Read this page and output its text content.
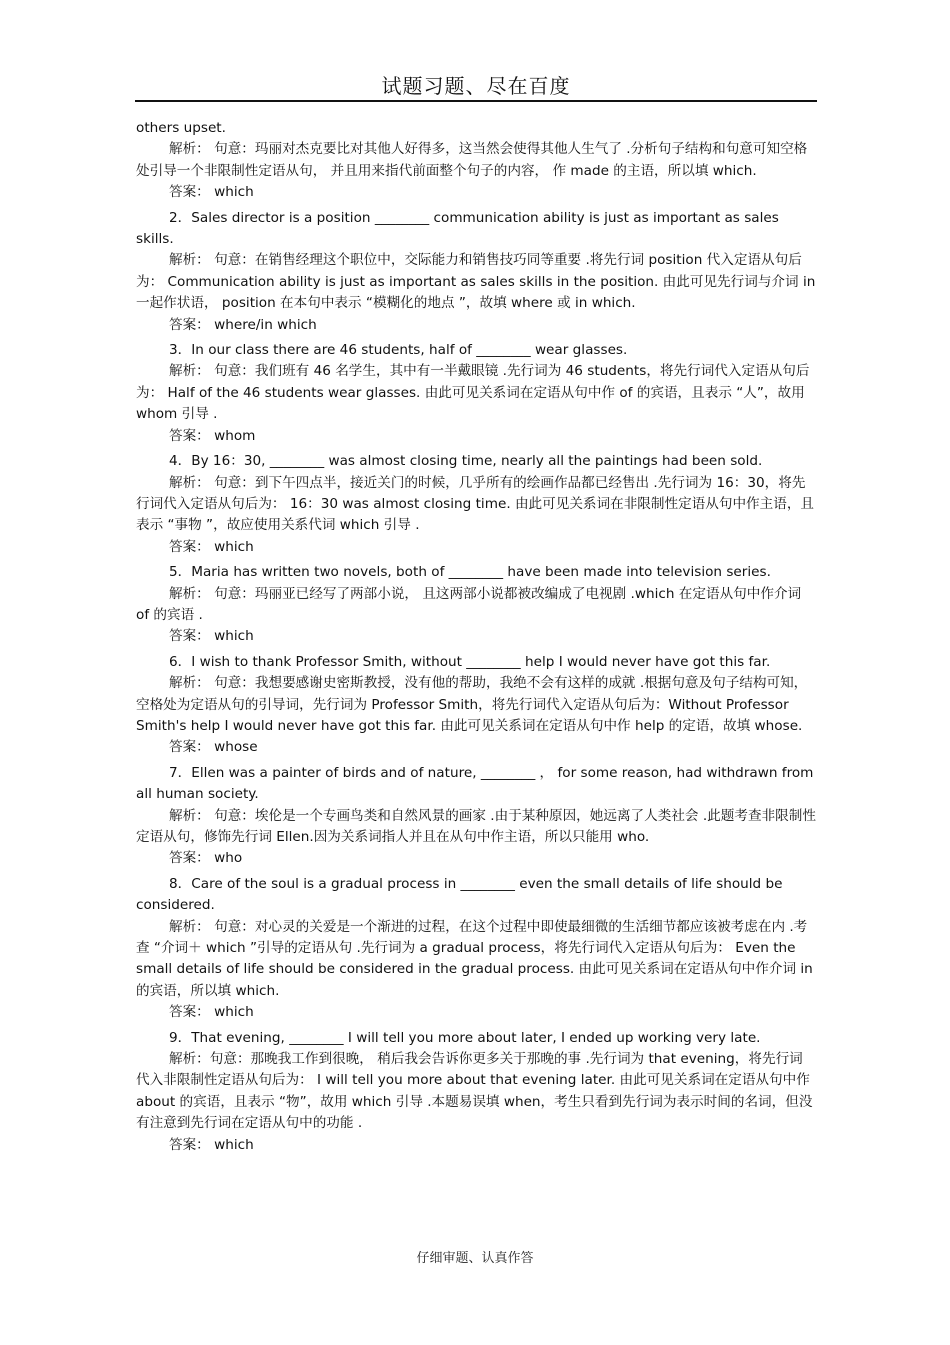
试题习题、尽在百度

others upset.

解析： 句意：玛丽对杰克要比对其他人好得多，这当然会使得其他人生气了 .分析句子结构和句意可知空格处引导一个非限制性定语从句， 并且用来指代前面整个句子的内容， 作 made 的主语，所以填 which.

答案： which

2．Sales director is a position ________ communication ability is just as important as sales skills.

解析： 句意：在销售经理这个职位中，交际能力和销售技巧同等重要 .将先行词 position 代入定语从句后为： Communication ability is just as important as sales skills in the position. 由此可见先行词与介词 in 一起作状语， position 在本句中表示 “模糊化的地点 ”，故填 where 或 in which.

答案： where/in which

3．In our class there are 46 students, half of ________ wear glasses.

解析： 句意：我们班有 46 名学生，其中有一半戴眼镜 .先行词为 46 students，将先行词代入定语从句后为： Half of the 46 students wear glasses. 由此可见关系词在定语从句中作 of 的宾语，且表示 “人”，故用 whom 引导 .

答案： whom

4．By 16：30, ________ was almost closing time, nearly all the paintings had been sold.

解析： 句意：到下午四点半，接近关门的时候，几乎所有的绘画作品都已经售出 .先行词为 16：30，将先行词代入定语从句后为： 16：30 was almost closing time. 由此可见关系词在非限制性定语从句中作主语，且表示 “事物 ”，故应使用关系代词 which 引导 .

答案： which

5．Maria has written two novels, both of ________ have been made into television series.

解析： 句意：玛丽亚已经写了两部小说， 且这两部小说都被改编成了电视剧 .which 在定语从句中作介词 of 的宾语 .

答案： which

6．I wish to thank Professor Smith, without ________ help I would never have got this far.

解析： 句意：我想要感谢史密斯教授，没有他的帮助，我绝不会有这样的成就 .根据句意及句子结构可知，空格处为定语从句的引导词，先行词为 Professor Smith，将先行词代入定语从句后为：Without Professor Smith's help I would never have got this far. 由此可见关系词在定语从句中作 help 的定语，故填 whose.

答案： whose

7．Ellen was a painter of birds and of nature, ________ ， for some reason, had withdrawn from all human society.

解析： 句意：埃伦是一个专画鸟类和自然风景的画家 .由于某种原因，她远离了人类社会 .此题考查非限制性定语从句，修饰先行词 Ellen.因为关系词指人并且在从句中作主语，所以只能用 who.

答案： who

8．Care of the soul is a gradual process in ________ even the small details of life should be considered.

解析： 句意：对心灵的关爱是一个渐进的过程，在这个过程中即使最细微的生活细节都应该被考虑在内 .考查 “介词＋ which ”引导的定语从句 .先行词为 a gradual process，将先行词代入定语从句后为： Even the small details of life should be considered in the gradual process. 由此可见关系词在定语从句中作介词 in 的宾语，所以填 which.

答案： which

9．That evening, ________ I will tell you more about later, I ended up working very late.

解析：句意：那晚我工作到很晚， 稍后我会告诉你更多关于那晚的事 .先行词为 that evening，将先行词代入非限制性定语从句后为： I will tell you more about that evening later. 由此可见关系词在定语从句中作 about 的宾语，且表示 “物”，故用 which 引导 .本题易误填 when，考生只看到先行词为表示时间的名词，但没有注意到先行词在定语从句中的功能 .

答案： which

仔细审题、认真作答
